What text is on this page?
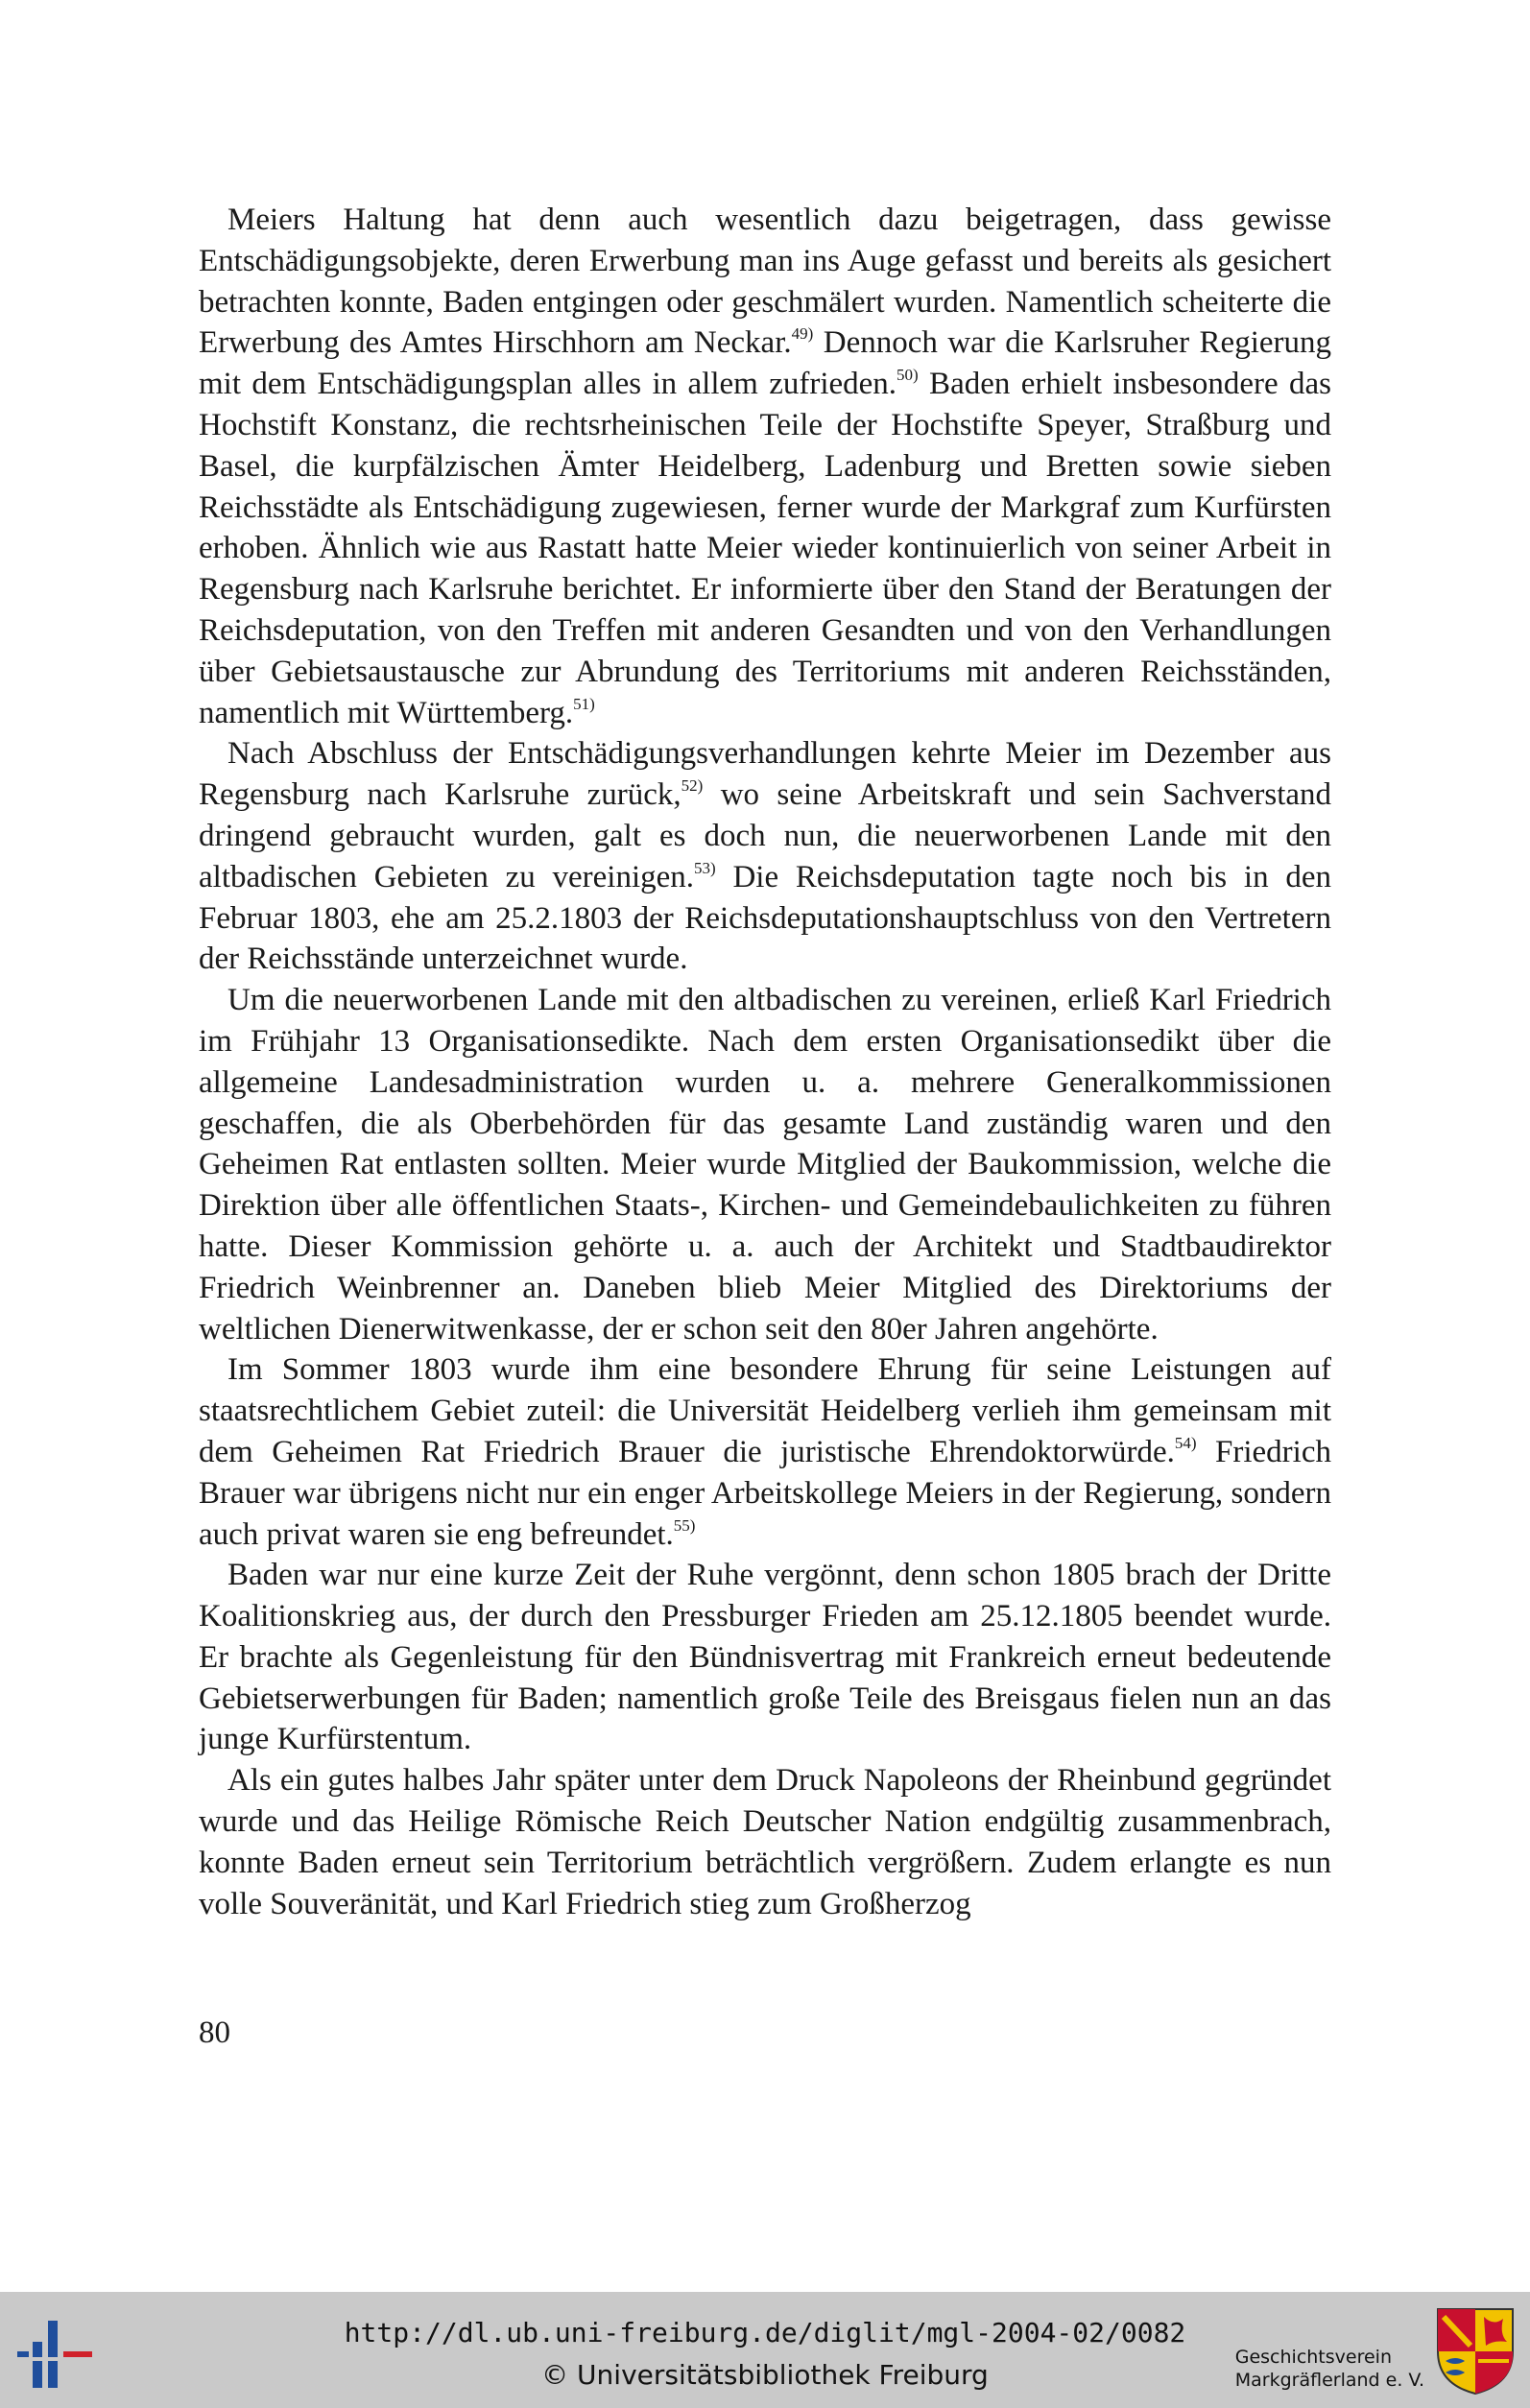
Meiers Haltung hat denn auch wesentlich dazu beigetragen, dass gewisse Entschädigungsobjekte, deren Erwerbung man ins Auge gefasst und bereits als gesichert betrachten konnte, Baden entgingen oder geschmälert wurden. Namentlich scheiterte die Erwerbung des Amtes Hirschhorn am Neckar.$^{49)}$ Dennoch war die Karlsruher Regierung mit dem Entschädigungsplan alles in allem zufrieden.$^{50)}$ Baden erhielt insbesondere das Hochstift Konstanz, die rechtsrheinischen Teile der Hochstifte Speyer, Straßburg und Basel, die kurpfälzischen Ämter Heidelberg, Ladenburg und Bretten sowie sieben Reichsstädte als Entschädigung zugewiesen, ferner wurde der Markgraf zum Kurfürsten erhoben. Ähnlich wie aus Rastatt hatte Meier wieder kontinuierlich von seiner Arbeit in Regensburg nach Karlsruhe berichtet. Er informierte über den Stand der Beratungen der Reichsdeputation, von den Treffen mit anderen Gesandten und von den Verhandlungen über Gebietsaustausche zur Abrundung des Territoriums mit anderen Reichsständen, namentlich mit Württemberg.$^{51)}$

Nach Abschluss der Entschädigungsverhandlungen kehrte Meier im Dezember aus Regensburg nach Karlsruhe zurück,$^{52)}$ wo seine Arbeitskraft und sein Sachverstand dringend gebraucht wurden, galt es doch nun, die neuerworbenen Lande mit den altbadischen Gebieten zu vereinigen.$^{53)}$ Die Reichsdeputation tagte noch bis in den Februar 1803, ehe am 25.2.1803 der Reichsdeputationshauptschluss von den Vertretern der Reichsstände unterzeichnet wurde.

Um die neuerworbenen Lande mit den altbadischen zu vereinen, erließ Karl Friedrich im Frühjahr 13 Organisationsedikte. Nach dem ersten Organisationsedikt über die allgemeine Landesadministration wurden u. a. mehrere Generalkommissionen geschaffen, die als Oberbehörden für das gesamte Land zuständig waren und den Geheimen Rat entlasten sollten. Meier wurde Mitglied der Baukommission, welche die Direktion über alle öffentlichen Staats-, Kirchen- und Gemeindebaulichkeiten zu führen hatte. Dieser Kommission gehörte u. a. auch der Architekt und Stadtbaudirektor Friedrich Weinbrenner an. Daneben blieb Meier Mitglied des Direktoriums der weltlichen Dienerwitwenkasse, der er schon seit den 80er Jahren angehörte.

Im Sommer 1803 wurde ihm eine besondere Ehrung für seine Leistungen auf staatsrechtlichem Gebiet zuteil: die Universität Heidelberg verlieh ihm gemeinsam mit dem Geheimen Rat Friedrich Brauer die juristische Ehrendoktorwürde.$^{54)}$ Friedrich Brauer war übrigens nicht nur ein enger Arbeitskollege Meiers in der Regierung, sondern auch privat waren sie eng befreundet.$^{55)}$

Baden war nur eine kurze Zeit der Ruhe vergönnt, denn schon 1805 brach der Dritte Koalitionskrieg aus, der durch den Pressburger Frieden am 25.12.1805 beendet wurde. Er brachte als Gegenleistung für den Bündnisvertrag mit Frankreich erneut bedeutende Gebietserwerbungen für Baden; namentlich große Teile des Breisgaus fielen nun an das junge Kurfürstentum.

Als ein gutes halbes Jahr später unter dem Druck Napoleons der Rheinbund gegründet wurde und das Heilige Römische Reich Deutscher Nation endgültig zusammenbrach, konnte Baden erneut sein Territorium beträchtlich vergrößern. Zudem erlangte es nun volle Souveränität, und Karl Friedrich stieg zum Großherzog

80
http://dl.ub.uni-freiburg.de/diglit/mgl-2004-02/0082
© Universitätsbibliothek Freiburg
Geschichtsverein
Markgräflerland e. V.
